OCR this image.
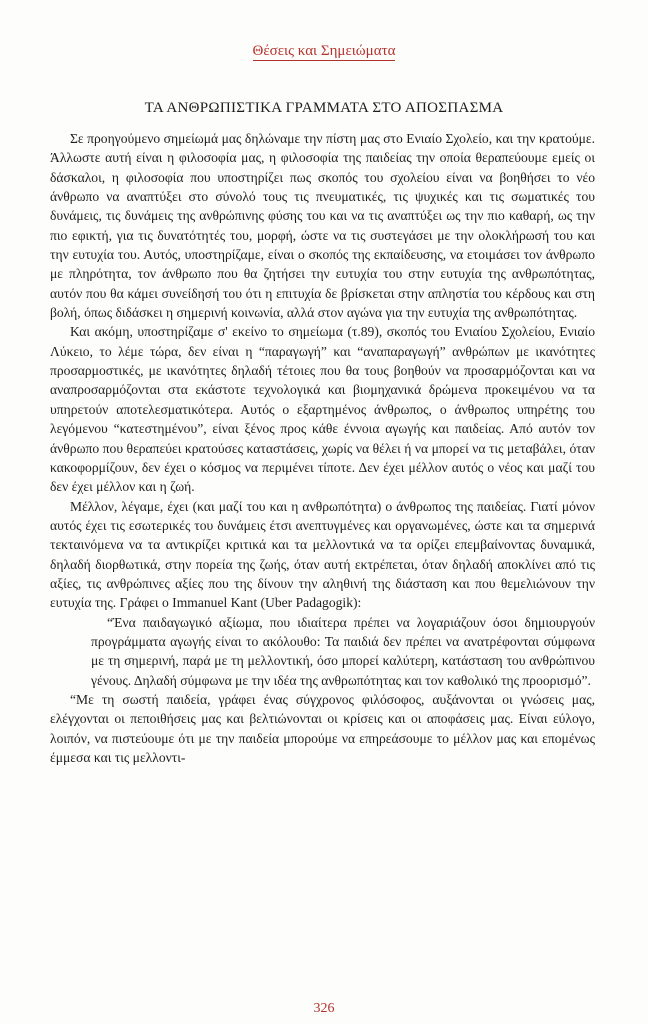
Θέσεις και Σημειώματα
ΤΑ ΑΝΘΡΩΠΙΣΤΙΚΑ ΓΡΑΜΜΑΤΑ ΣΤΟ ΑΠΟΣΠΑΣΜΑ

Σε προηγούμενο σημείωμά μας δηλώναμε την πίστη μας στο Ενιαίο Σχολείο, και την κρατούμε. Άλλωστε αυτή είναι η φιλοσοφία μας, η φιλοσοφία της παιδείας την οποία θεραπεύουμε εμείς οι δάσκαλοι, η φιλοσοφία που υποστηρίζει πως σκοπός του σχολείου είναι να βοηθήσει το νέο άνθρωπο να αναπτύξει στο σύνολό τους τις πνευματικές, τις ψυχικές και τις σωματικές του δυνάμεις, τις δυνάμεις της ανθρώπινης φύσης του και να τις αναπτύξει ως την πιο καθαρή, ως την πιο εφικτή, για τις δυνατότητές του, μορφή, ώστε να τις συστεγάσει με την ολοκλήρωσή του και την ευτυχία του. Αυτός, υποστηρίζαμε, είναι ο σκοπός της εκπαίδευσης, να ετοιμάσει τον άνθρωπο με πληρότητα, τον άνθρωπο που θα ζητήσει την ευτυχία του στην ευτυχία της ανθρωπότητας, αυτόν που θα κάμει συνείδησή του ότι η επιτυχία δε βρίσκεται στην απληστία του κέρδους και στη βολή, όπως διδάσκει η σημερινή κοινωνία, αλλά στον αγώνα για την ευτυχία της ανθρωπότητας.

Και ακόμη, υποστηρίζαμε σ' εκείνο το σημείωμα (τ.89), σκοπός του Ενιαίου Σχολείου, Ενιαίο Λύκειο, το λέμε τώρα, δεν είναι η “παραγωγή” και “αναπαραγωγή” ανθρώπων με ικανότητες προσαρμοστικές, με ικανότητες δηλαδή τέτοιες που θα τους βοηθούν να προσαρμόζονται και να αναπροσαρμόζονται στα εκάστοτε τεχνολογικά και βιομηχανικά δρώμενα προκειμένου να τα υπηρετούν αποτελεσματικότερα. Αυτός ο εξαρτημένος άνθρωπος, ο άνθρωπος υπηρέτης του λεγόμενου “κατεστημένου”, είναι ξένος προς κάθε έννοια αγωγής και παιδείας. Από αυτόν τον άνθρωπο που θεραπεύει κρατούσες καταστάσεις, χωρίς να θέλει ή να μπορεί να τις μεταβάλει, όταν κακοφορμίζουν, δεν έχει ο κόσμος να περιμένει τίποτε. Δεν έχει μέλλον αυτός ο νέος και μαζί του δεν έχει μέλλον και η ζωή.

Μέλλον, λέγαμε, έχει (και μαζί του και η ανθρωπότητα) ο άνθρωπος της παιδείας. Γιατί μόνον αυτός έχει τις εσωτερικές του δυνάμεις έτσι ανεπτυγμένες και οργανωμένες, ώστε και τα σημερινά τεκταινόμενα να τα αντικρίζει κριτικά και τα μελλοντικά να τα ορίζει επεμβαίνοντας δυναμικά, δηλαδή διορθωτικά, στην πορεία της ζωής, όταν αυτή εκτρέπεται, όταν δηλαδή αποκλίνει από τις αξίες, τις ανθρώπινες αξίες που της δίνουν την αληθινή της διάσταση και που θεμελιώνουν την ευτυχία της. Γράφει ο Immanuel Kant (Uber Padagogik):

“Ένα παιδαγωγικό αξίωμα, που ιδιαίτερα πρέπει να λογαριάζουν όσοι δημιουργούν προγράμματα αγωγής είναι το ακόλουθο: Τα παιδιά δεν πρέπει να ανατρέφονται σύμφωνα με τη σημερινή, παρά με τη μελλοντική, όσο μπορεί καλύτερη, κατάσταση του ανθρώπινου γένους. Δηλαδή σύμφωνα με την ιδέα της ανθρωπότητας και τον καθολικό της προορισμό”.

“Με τη σωστή παιδεία, γράφει ένας σύγχρονος φιλόσοφος, αυξάνονται οι γνώσεις μας, ελέγχονται οι πεποιθήσεις μας και βελτιώνονται οι κρίσεις και οι αποφάσεις μας. Είναι εύλογο, λοιπόν, να πιστεύουμε ότι με την παιδεία μπορούμε να επηρεάσουμε το μέλλον μας και επομένως έμμεσα και τις μελλοντι-

326
